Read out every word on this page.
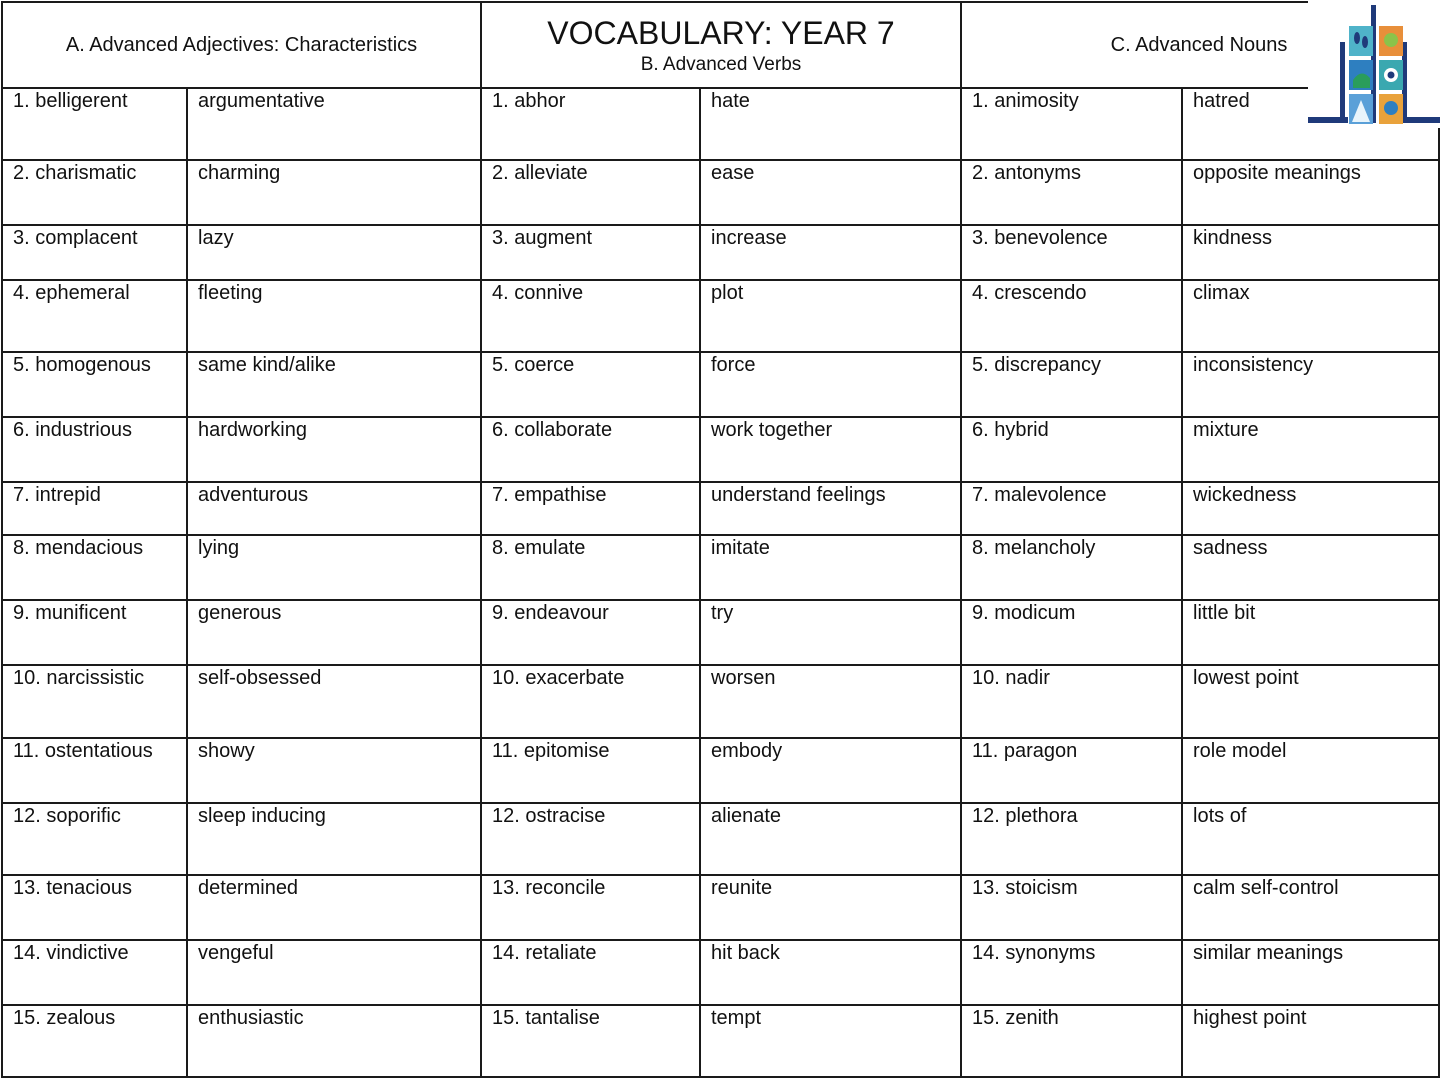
A. Advanced Adjectives: Characteristics		VOCABULARY: YEAR 7
B. Advanced Verbs		C. Advanced Nouns	
1. belligerent	argumentative	1. abhor	hate	1. animosity	hatred
2. charismatic	charming	2. alleviate	ease	2. antonyms	opposite meanings
3. complacent	lazy	3. augment	increase	3. benevolence	kindness
4. ephemeral	fleeting	4. connive	plot	4. crescendo	climax
5. homogenous	same kind/alike	5. coerce	force	5. discrepancy	inconsistency
6. industrious	hardworking	6. collaborate	work together	6. hybrid	mixture
7. intrepid	adventurous	7. empathise	understand feelings	7. malevolence	wickedness
8. mendacious	lying	8. emulate	imitate	8. melancholy	sadness
9. munificent	generous	9. endeavour	try	9. modicum	little bit
10. narcissistic	self-obsessed	10. exacerbate	worsen	10. nadir	lowest point
11. ostentatious	showy	11. epitomise	embody	11. paragon	role model
12. soporific	sleep inducing	12. ostracise	alienate	12. plethora	lots of
13. tenacious	determined	13. reconcile	reunite	13. stoicism	calm self-control
14. vindictive	vengeful	14. retaliate	hit back	14. synonyms	similar meanings
15. zealous	enthusiastic	15. tantalise	tempt	15. zenith	highest point
